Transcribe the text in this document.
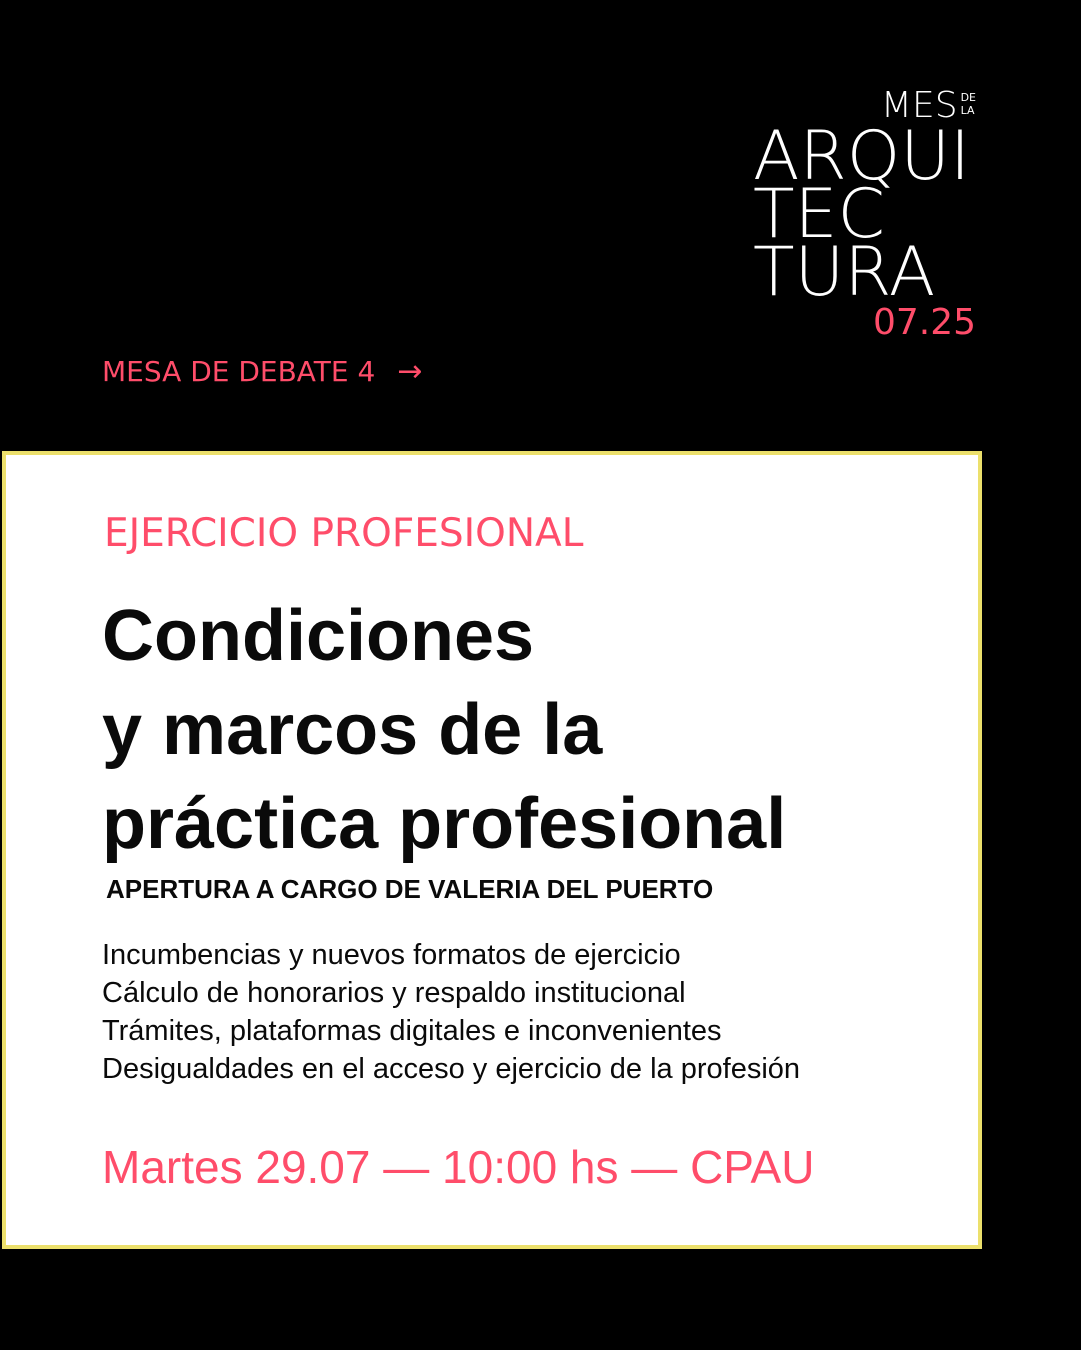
MES DE
LA
ARQUI
TEC
TURA
07.25
MESA DE DEBATE 4 →
EJERCICIO PROFESIONAL
Condiciones
y marcos de la
práctica profesional
APERTURA A CARGO DE VALERIA DEL PUERTO
Incumbencias y nuevos formatos de ejercicio
Cálculo de honorarios y respaldo institucional
Trámites, plataformas digitales e inconvenientes
Desigualdades en el acceso y ejercicio de la profesión
Martes 29.07 — 10:00 hs — CPAU
